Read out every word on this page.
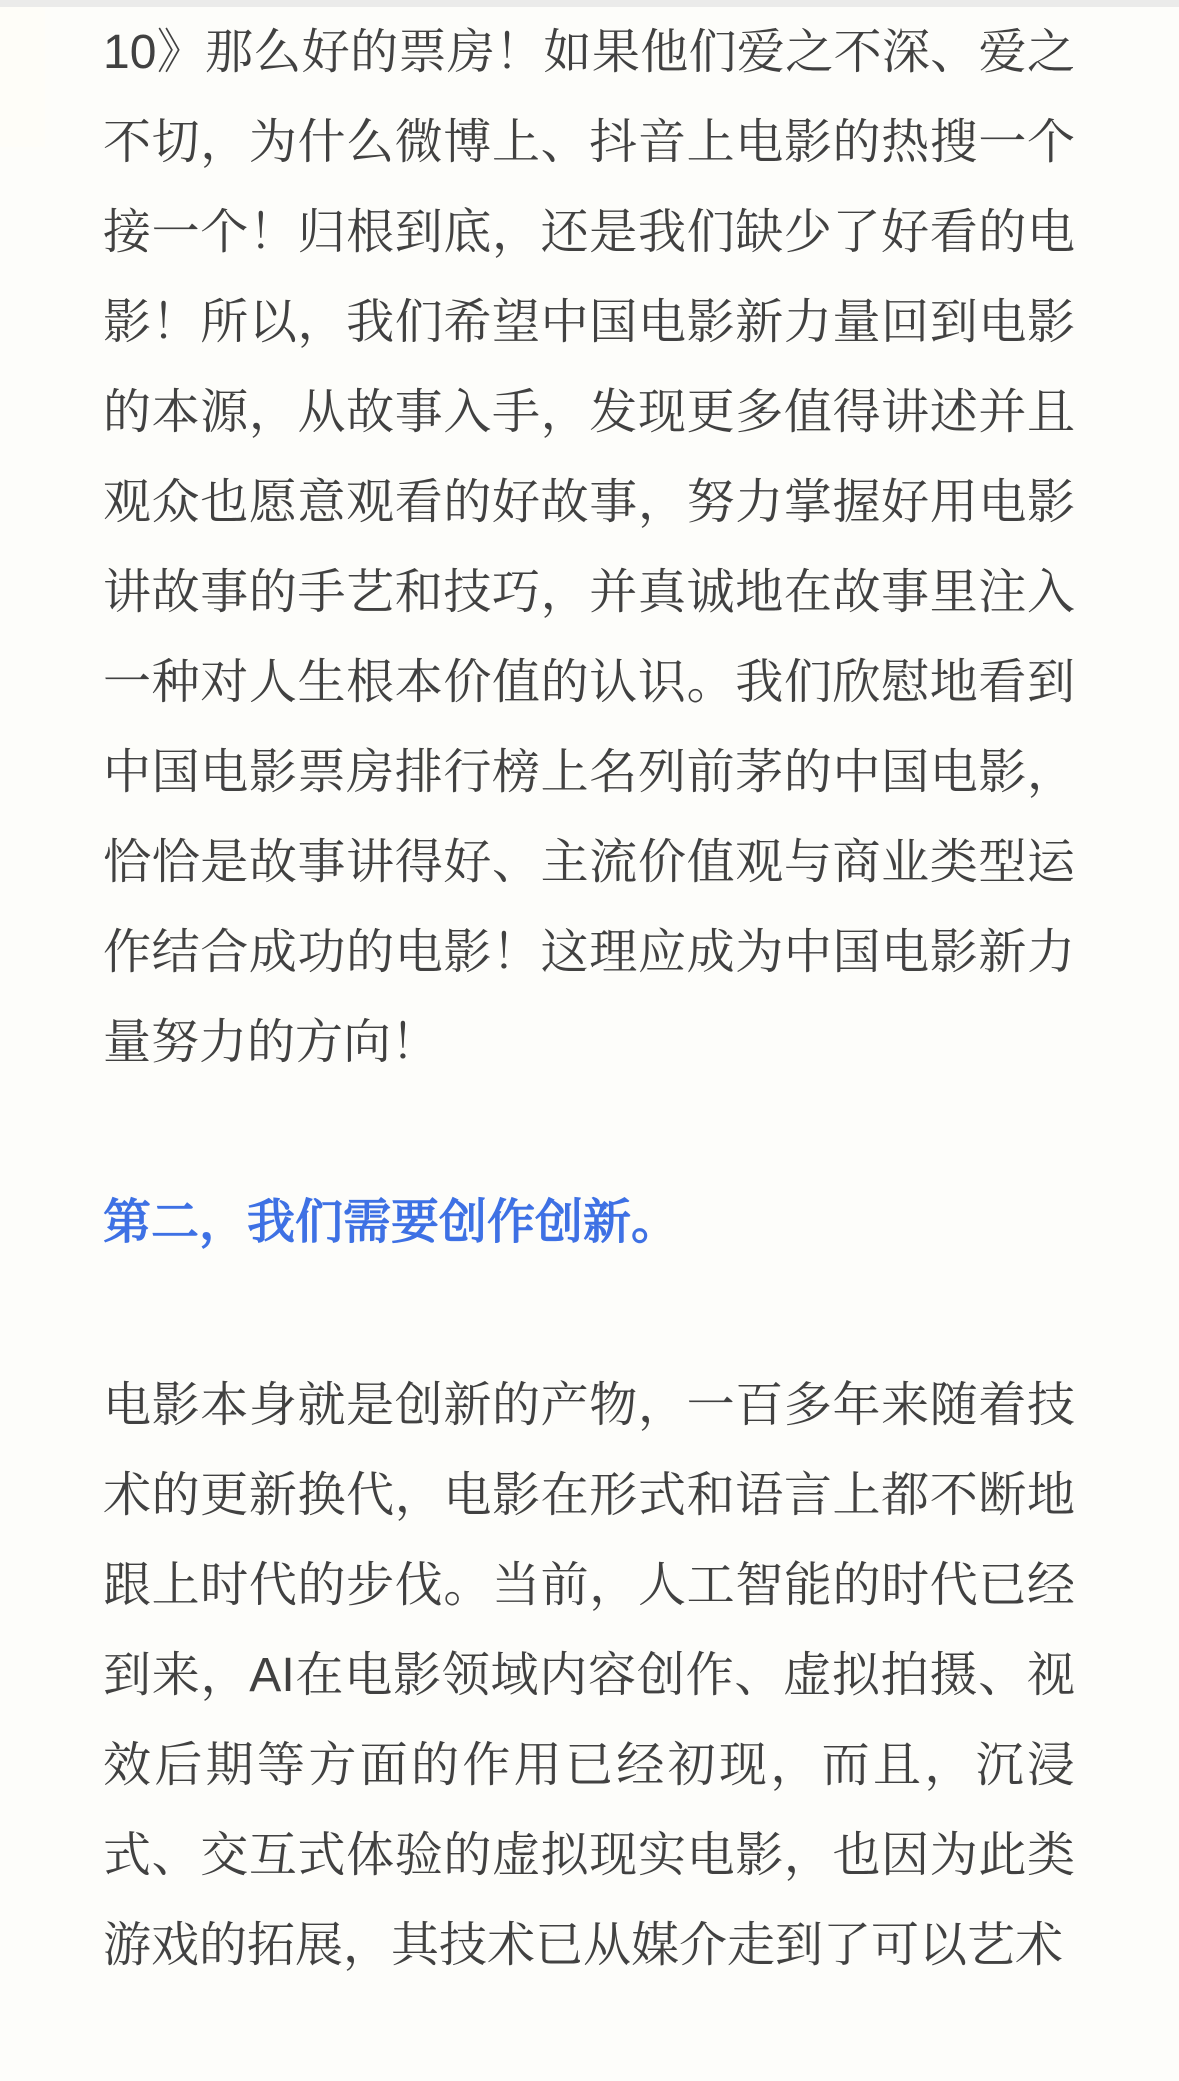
10》那么好的票房！如果他们爱之不深、爱之不切，为什么微博上、抖音上电影的热搜一个接一个！归根到底，还是我们缺少了好看的电影！所以，我们希望中国电影新力量回到电影的本源，从故事入手，发现更多值得讲述并且观众也愿意观看的好故事，努力掌握好用电影讲故事的手艺和技巧，并真诚地在故事里注入一种对人生根本价值的认识。我们欣慰地看到中国电影票房排行榜上名列前茅的中国电影，恰恰是故事讲得好、主流价值观与商业类型运作结合成功的电影！这理应成为中国电影新力量努力的方向！

第二，我们需要创作创新。

电影本身就是创新的产物，一百多年来随着技术的更新换代，电影在形式和语言上都不断地跟上时代的步伐。当前，人工智能的时代已经到来，AI在电影领域内容创作、虚拟拍摄、视效后期等方面的作用已经初现，而且，沉浸式、交互式体验的虚拟现实电影，也因为此类游戏的拓展，其技术已从媒介走到了可以艺术
